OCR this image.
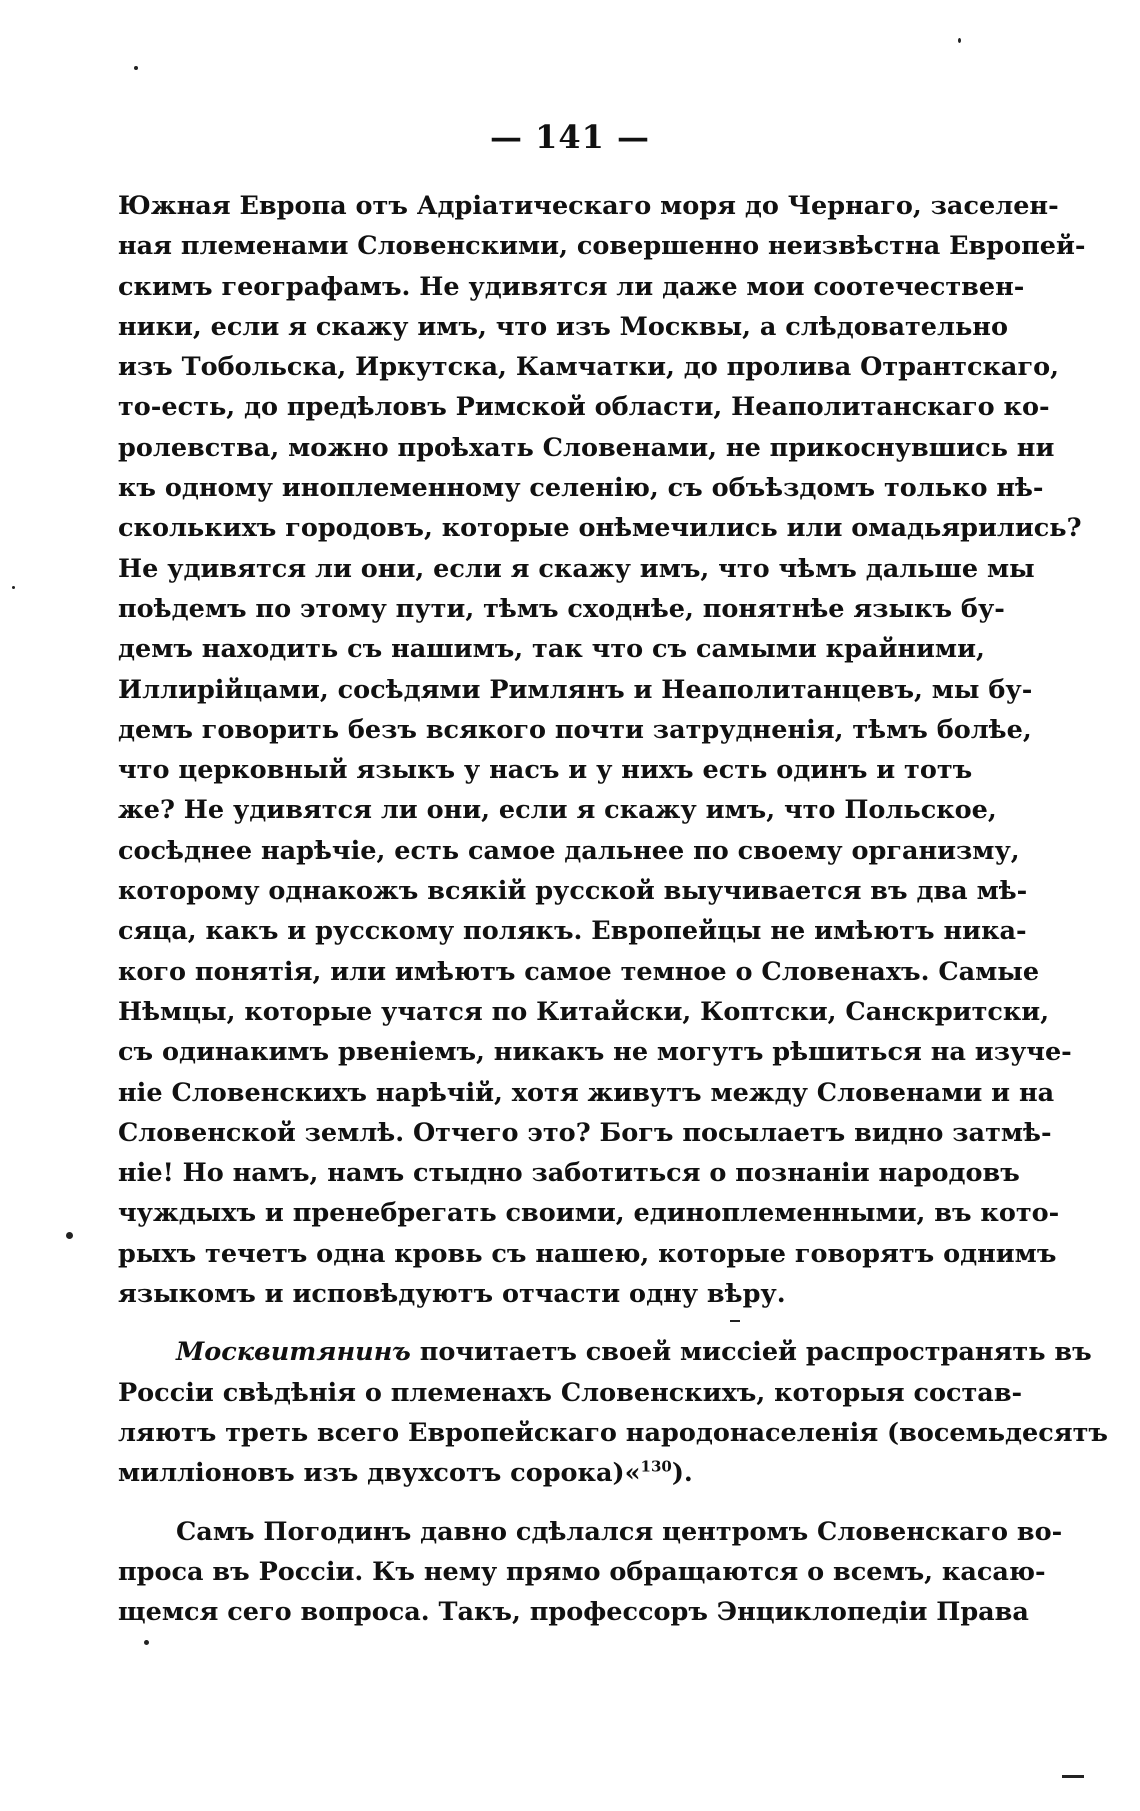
— 141 —
Южная Европа отъ Адріатическаго моря до Чернаго, заселен-
ная племенами Словенскими, совершенно неизвѣстна Европей-
скимъ географамъ. Не удивятся ли даже мои соотечествен-
ники, если я скажу имъ, что изъ Москвы, а слѣдовательно
изъ Тобольска, Иркутска, Камчатки, до пролива Отрантскаго,
то-есть, до предѣловъ Римской области, Неаполитанскаго ко-
ролевства, можно проѣхать Словенами, не прикоснувшись ни
къ одному иноплеменному селенію, съ объѣздомъ только нѣ-
сколькихъ городовъ, которые онѣмечились или омадьярились?
Не удивятся ли они, если я скажу имъ, что чѣмъ дальше мы
поѣдемъ по этому пути, тѣмъ сходнѣе, понятнѣе языкъ бу-
демъ находить съ нашимъ, так что съ самыми крайними,
Иллирійцами, сосѣдями Римлянъ и Неаполитанцевъ, мы бу-
демъ говорить безъ всякого почти затрудненія, тѣмъ болѣе,
что церковный языкъ у насъ и у нихъ есть одинъ и тотъ
же? Не удивятся ли они, если я скажу имъ, что Польское,
сосѣднее нарѣчіе, есть самое дальнее по своему организму,
которому однакожъ всякій русской выучивается въ два мѣ-
сяца, какъ и русскому полякъ. Европейцы не имѣютъ ника-
кого понятія, или имѣютъ самое темное о Словенахъ. Самые
Нѣмцы, которые учатся по Китайски, Коптски, Санскритски,
съ одинакимъ рвеніемъ, никакъ не могутъ рѣшиться на изуче-
ніе Словенскихъ нарѣчій, хотя живутъ между Словенами и на
Словенской землѣ. Отчего это? Богъ посылаетъ видно затмѣ-
ніе! Но намъ, намъ стыдно заботиться о познаніи народовъ
чуждыхъ и пренебрегать своими, единоплеменными, въ кото-
рыхъ течетъ одна кровь съ нашею, которые говорятъ однимъ
языкомъ и исповѣдуютъ отчасти одну вѣру.
Москвитянинъ почитаетъ своей миссіей распространять въ
Россіи свѣдѣнія о племенахъ Словенскихъ, которыя состав-
ляютъ треть всего Европейскаго народонаселенія (восемьдесятъ
милліоновъ изъ двухсотъ сорока)«$^{130}$).
Самъ Погодинъ давно сдѣлался центромъ Словенскаго во-
проса въ Россіи. Къ нему прямо обращаются о всемъ, касаю-
щемся сего вопроса. Такъ, профессоръ Энциклопедіи Права
